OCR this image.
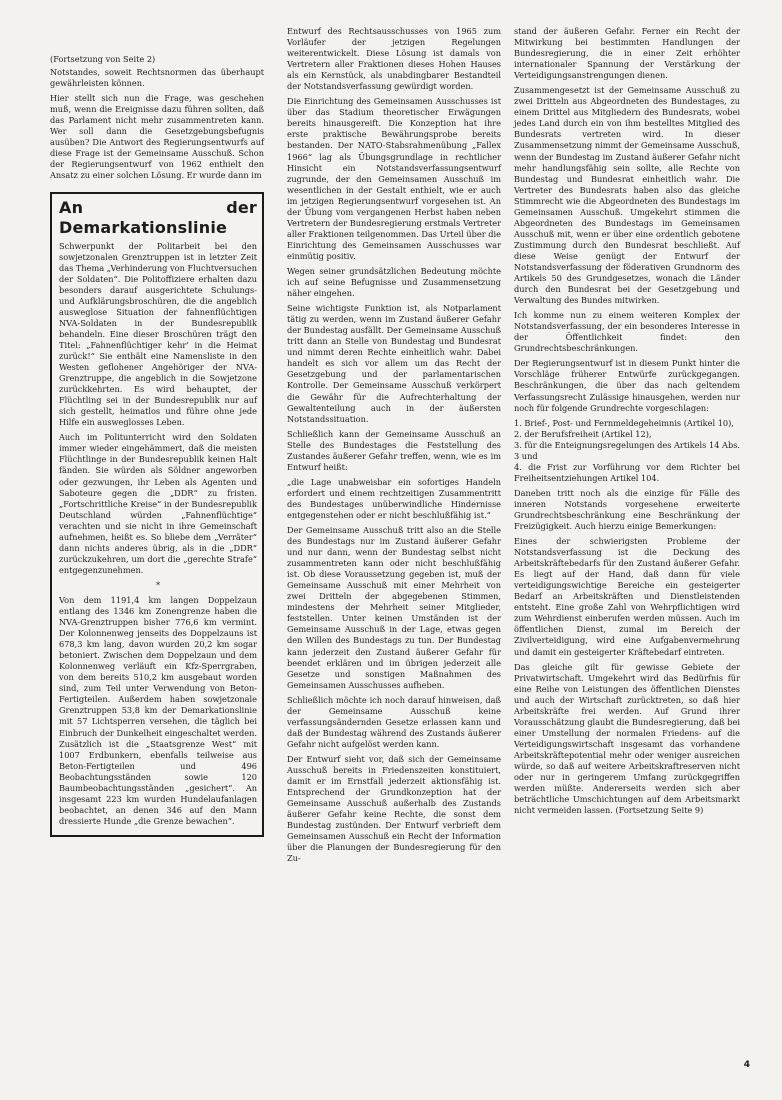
(Fortsetzung von Seite 2)

Notstandes, soweit Rechtsnormen das überhaupt gewährleisten können.

Hier stellt sich nun die Frage, was geschehen muß, wenn die Ereignisse dazu führen sollten, daß das Parlament nicht mehr zusammentreten kann. Wer soll dann die Gesetzgebungsbefugnis ausüben? Die Antwort des Regierungsentwurfs auf diese Frage ist der Gemeinsame Ausschuß. Schon der Regierungsentwurf von 1962 enthielt den Ansatz zu einer solchen Lösung. Er wurde dann im

An der Demarkationslinie

Schwerpunkt der Politarbeit bei den sowjetzonalen Grenztruppen ist in letzter Zeit das Thema „Verhinderung von Fluchtversuchen der Soldaten“. Die Politoffiziere erhalten dazu besonders darauf ausgerichtete Schulungs- und Aufklärungsbroschüren, die die angeblich ausweglose Situation der fahnenflüchtigen NVA-Soldaten in der Bundesrepublik behandeln. Eine dieser Broschüren trägt den Titel: „Fahnenflüchtiger kehr’ in die Heimat zurück!“ Sie enthält eine Namensliste in den Westen geflohener Angehöriger der NVA-Grenztruppe, die angeblich in die Sowjetzone zurückkehrten. Es wird behauptet, der Flüchtling sei in der Bundesrepublik nur auf sich gestellt, heimatlos und führe ohne jede Hilfe ein ausweglosses Leben.

Auch im Politunterricht wird den Soldaten immer wieder eingehämmert, daß die meisten Flüchtlinge in der Bundesrepublik keinen Halt fänden. Sie würden als Söldner angeworben oder gezwungen, ihr Leben als Agenten und Saboteure gegen die „DDR“ zu fristen. „Fortschrittliche Kreise“ in der Bundesrepublik Deutschland würden „Fahnenflüchtige“ verachten und sie nicht in ihre Gemeinschaft aufnehmen, heißt es. So bliebe dem „Verräter“ dann nichts anderes übrig, als in die „DDR“ zurückzukehren, um dort die „gerechte Strafe“ entgegenzunehmen.

*

Von dem 1191,4 km langen Doppelzaun entlang des 1346 km Zonengrenze haben die NVA-Grenztruppen bisher 776,6 km vermint. Der Kolonnenweg jenseits des Doppelzauns ist 678,3 km lang, davon wurden 20,2 km sogar betoniert. Zwischen dem Doppelzaun und dem Kolonnenweg verläuft ein Kfz-Sperrgraben, von dem bereits 510,2 km ausgebaut worden sind, zum Teil unter Verwendung von Beton-Fertigteilen. Außerdem haben sowjetzonale Grenztruppen 53,8 km der Demarkationslinie mit 57 Lichtsperren versehen, die täglich bei Einbruch der Dunkelheit eingeschaltet werden. Zusätzlich ist die „Staatsgrenze West“ mit 1007 Erdbunkern, ebenfalls teilweise aus Beton-Fertigteilen und 496 Beobachtungsständen sowie 120 Baumbeobachtungsständen „gesichert“. An insgesamt 223 km wurden Hundelaufanlagen beobachtet, an denen 346 auf den Mann dressierte Hunde „die Grenze bewachen“.

Entwurf des Rechtsausschusses von 1965 zum Vorläufer der jetzigen Regelungen weiterentwickelt. Diese Lösung ist damals von Vertretern aller Fraktionen dieses Hohen Hauses als ein Kernstück, als unabdingbarer Bestandteil der Notstandsverfassung gewürdigt worden.

Die Einrichtung des Gemeinsamen Ausschusses ist über das Stadium theoretischer Erwägungen bereits hinausgereift. Die Konzeption hat ihre erste praktische Bewährungsprobe bereits bestanden. Der NATO-Stabsrahmenübung „Fallex 1966“ lag als Übungsgrundlage in rechtlicher Hinsicht ein Notstandsverfassungsentwurf zugrunde, der den Gemeinsamen Ausschuß im wesentlichen in der Gestalt enthielt, wie er auch im jetzigen Regierungsentwurf vorgesehen ist. An der Übung vom vergangenen Herbst haben neben Vertretern der Bundesregierung erstmals Vertreter aller Fraktionen teilgenommen. Das Urteil über die Einrichtung des Gemeinsamen Ausschusses war einmütig positiv.

Wegen seiner grundsätzlichen Bedeutung möchte ich auf seine Befugnisse und Zusammensetzung näher eingehen.

Seine wichtigste Funktion ist, als Notparlament tätig zu werden, wenn im Zustand äußerer Gefahr der Bundestag ausfällt. Der Gemeinsame Ausschuß tritt dann an Stelle von Bundestag und Bundesrat und nimmt deren Rechte einheitlich wahr. Dabei handelt es sich vor allem um das Recht der Gesetzgebung und der parlamentarischen Kontrolle. Der Gemeinsame Ausschuß verkörpert die Gewähr für die Aufrechterhaltung der Gewaltenteilung auch in der äußersten Notstandssituation.

Schließlich kann der Gemeinsame Ausschuß an Stelle des Bundestages die Feststellung des Zustandes äußerer Gefahr treffen, wenn, wie es im Entwurf heißt:

„die Lage unabweisbar ein sofortiges Handeln erfordert und einem rechtzeitigen Zusammentritt des Bundestages unüberwindliche Hindernisse entgegenstehen oder er nicht beschlußfähig ist.“

Der Gemeinsame Ausschuß tritt also an die Stelle des Bundestags nur im Zustand äußerer Gefahr und nur dann, wenn der Bundestag selbst nicht zusammentreten kann oder nicht beschlußfähig ist. Ob diese Voraussetzung gegeben ist, muß der Gemeinsame Ausschuß mit einer Mehrheit von zwei Dritteln der abgegebenen Stimmen, mindestens der Mehrheit seiner Mitglieder, feststellen. Unter keinen Umständen ist der Gemeinsame Ausschuß in der Lage, etwas gegen den Willen des Bundestags zu tun. Der Bundestag kann jederzeit den Zustand äußerer Gefahr für beendet erklären und im übrigen jederzeit alle Gesetze und sonstigen Maßnahmen des Gemeinsamen Ausschusses aufheben.

Schließlich möchte ich noch darauf hinweisen, daß der Gemeinsame Ausschuß keine verfassungsändernden Gesetze erlassen kann und daß der Bundestag während des Zustands äußerer Gefahr nicht aufgelöst werden kann.

Der Entwurf sieht vor, daß sich der Gemeinsame Ausschuß bereits in Friedenszeiten konstituiert, damit er im Ernstfall jederzeit aktionsfähig ist. Entsprechend der Grundkonzeption hat der Gemeinsame Ausschuß außerhalb des Zustands äußerer Gefahr keine Rechte, die sonst dem Bundestag zustünden. Der Entwurf verbrieft dem Gemeinsamen Ausschuß ein Recht der Information über die Planungen der Bundesregierung für den Zu-

stand der äußeren Gefahr. Ferner ein Recht der Mitwirkung bei bestimmten Handlungen der Bundesregierung, die in einer Zeit erhöhter internationaler Spannung der Verstärkung der Verteidigungsanstrengungen dienen.

Zusammengesetzt ist der Gemeinsame Ausschuß zu zwei Dritteln aus Abgeordneten des Bundestages, zu einem Drittel aus Mitgliedern des Bundesrats, wobei jedes Land durch ein von ihm bestelltes Mitglied des Bundesrats vertreten wird. In dieser Zusammensetzung nimmt der Gemeinsame Ausschuß, wenn der Bundestag im Zustand äußerer Gefahr nicht mehr handlungsfähig sein sollte, alle Rechte von Bundestag und Bundesrat einheitlich wahr. Die Vertreter des Bundesrats haben also das gleiche Stimmrecht wie die Abgeordneten des Bundestags im Gemeinsamen Ausschuß. Umgekehrt stimmen die Abgeordneten des Bundestags im Gemeinsamen Ausschuß mit, wenn er über eine ordentlich gebotene Zustimmung durch den Bundesrat beschließt. Auf diese Weise genügt der Entwurf der Notstandsverfassung der föderativen Grundnorm des Artikels 50 des Grundgesetzes, wonach die Länder durch den Bundesrat bei der Gesetzgebung und Verwaltung des Bundes mitwirken.

Ich komme nun zu einem weiteren Komplex der Notstandsverfassung, der ein besonderes Interesse in der Öffentlichkeit findet: den Grundrechtsbeschränkungen.

Der Regierungsentwurf ist in diesem Punkt hinter die Vorschläge früherer Entwürfe zurückgegangen. Beschränkungen, die über das nach geltendem Verfassungsrecht Zulässige hinausgehen, werden nur noch für folgende Grundrechte vorgeschlagen:

1. Brief-, Post- und Fernmeldegeheimnis (Artikel 10),

2. der Berufsfreiheit (Artikel 12),

3. für die Enteignungsregelungen des Artikels 14 Abs. 3 und

4. die Frist zur Vorführung vor dem Richter bei Freiheitsentziehungen Artikel 104.

Daneben tritt noch als die einzige für Fälle des inneren Notstands vorgesehene erweiterte Grundrechtsbeschränkung eine Beschränkung der Freizügigkeit. Auch hierzu einige Bemerkungen:

Eines der schwierigsten Probleme der Notstandsverfassung ist die Deckung des Arbeitskräftebedarfs für den Zustand äußerer Gefahr. Es liegt auf der Hand, daß dann für viele verteidigungswichtige Bereiche ein gesteigerter Bedarf an Arbeitskräften und Dienstleistenden entsteht. Eine große Zahl von Wehrpflichtigen wird zum Wehrdienst einberufen werden müssen. Auch im öffentlichen Dienst, zumal im Bereich der Zivilverteidigung, wird eine Aufgabenvermehrung und damit ein gesteigerter Kräftebedarf eintreten.

Das gleiche gilt für gewisse Gebiete der Privatwirtschaft. Umgekehrt wird das Bedürfnis für eine Reihe von Leistungen des öffentlichen Dienstes und auch der Wirtschaft zurücktreten, so daß hier Arbeitskräfte frei werden. Auf Grund ihrer Vorausschätzung glaubt die Bundesregierung, daß bei einer Umstellung der normalen Friedens- auf die Verteidigungswirtschaft insgesamt das vorhandene Arbeitskräftepotential mehr oder weniger ausreichen würde, so daß auf weitere Arbeitskraftreserven nicht oder nur in geringerem Umfang zurückgegriffen werden müßte. Andererseits werden sich aber beträchtliche Umschichtungen auf dem Arbeitsmarkt nicht vermeiden lassen. (Fortsetzung Seite 9)

4
